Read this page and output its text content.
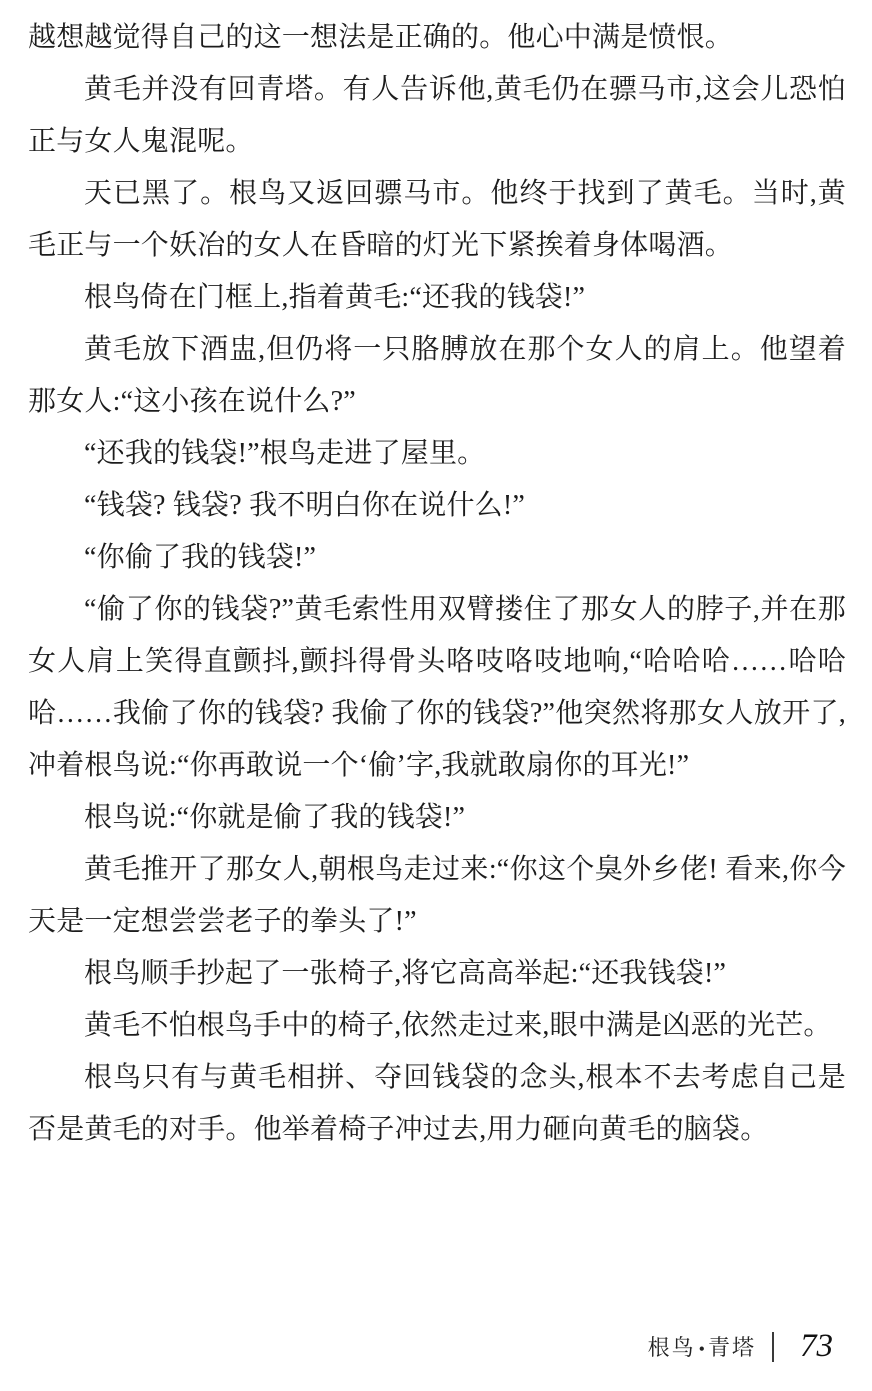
越想越觉得自己的这一想法是正确的。他心中满是愤恨。

黄毛并没有回青塔。有人告诉他,黄毛仍在骠马市,这会儿恐怕正与女人鬼混呢。

天已黑了。根鸟又返回骠马市。他终于找到了黄毛。当时,黄毛正与一个妖冶的女人在昏暗的灯光下紧挨着身体喝酒。

根鸟倚在门框上,指着黄毛:“还我的钱袋!”

黄毛放下酒盅,但仍将一只胳膊放在那个女人的肩上。他望着那女人:“这小孩在说什么?”

“还我的钱袋!”根鸟走进了屋里。

“钱袋? 钱袋? 我不明白你在说什么!”

“你偷了我的钱袋!”

“偷了你的钱袋?”黄毛索性用双臂搂住了那女人的脖子,并在那女人肩上笑得直颤抖,颤抖得骨头咯吱咯吱地响,“哈哈哈……哈哈哈……我偷了你的钱袋? 我偷了你的钱袋?”他突然将那女人放开了,冲着根鸟说:“你再敢说一个‘偷’字,我就敢扇你的耳光!”

根鸟说:“你就是偷了我的钱袋!”

黄毛推开了那女人,朝根鸟走过来:“你这个臭外乡佬! 看来,你今天是一定想尝尝老子的拳头了!”

根鸟顺手抄起了一张椅子,将它高高举起:“还我钱袋!”

黄毛不怕根鸟手中的椅子,依然走过来,眼中满是凶恶的光芒。

根鸟只有与黄毛相拼、夺回钱袋的念头,根本不去考虑自己是否是黄毛的对手。他举着椅子冲过去,用力砸向黄毛的脑袋。

根鸟 • 青塔 73
